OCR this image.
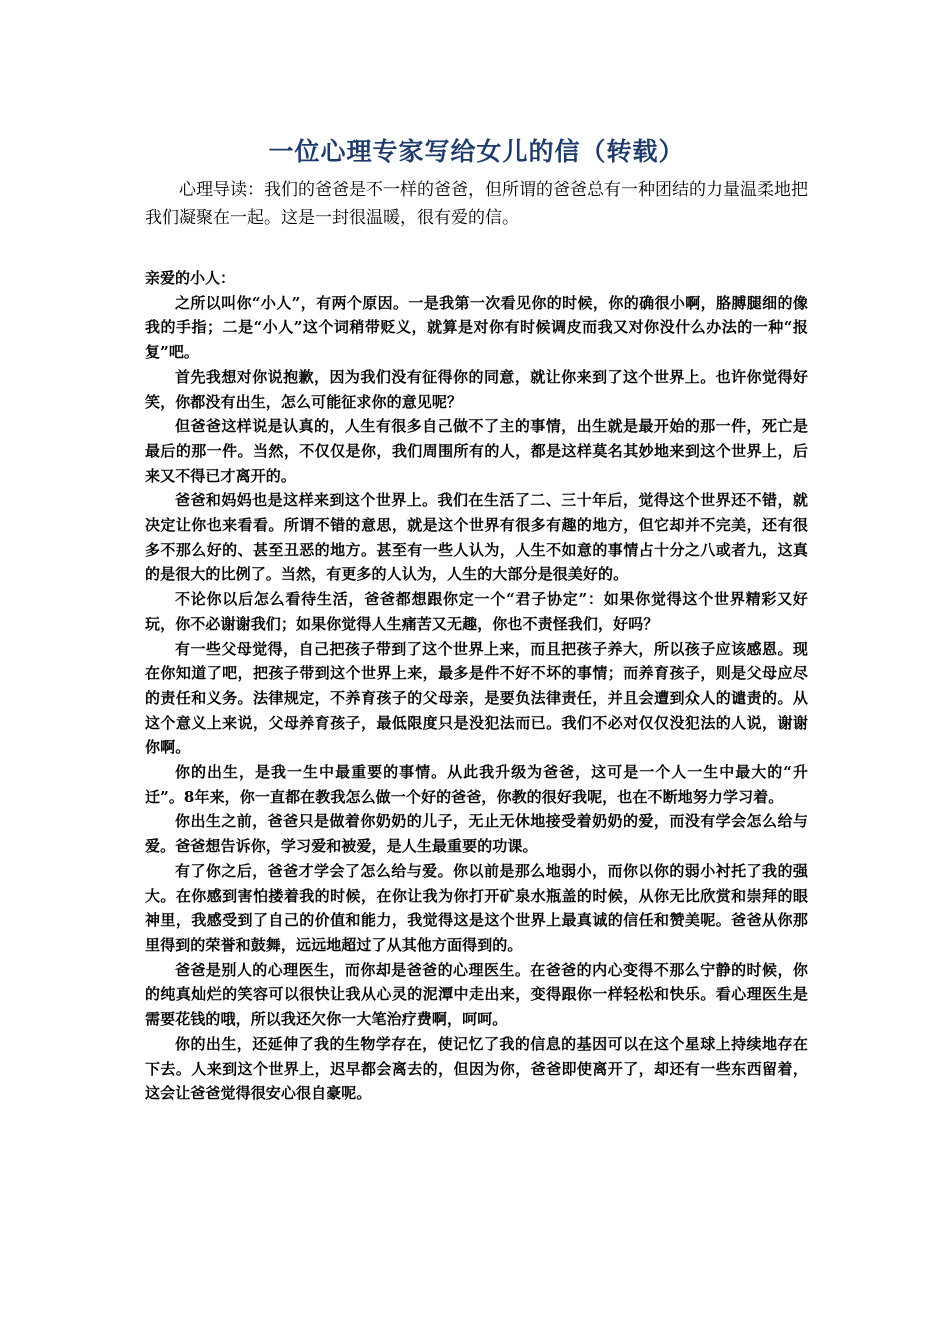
一位心理专家写给女儿的信（转载）

心理导读：我们的爸爸是不一样的爸爸，但所谓的爸爸总有一种团结的力量温柔地把我们凝聚在一起。这是一封很温暖，很有爱的信。

亲爱的小人：

之所以叫你“小人”，有两个原因。一是我第一次看见你的时候，你的确很小啊，胳膊腿细的像我的手指；二是“小人”这个词稍带贬义，就算是对你有时候调皮而我又对你没什么办法的一种“报复”吧。

首先我想对你说抱歉，因为我们没有征得你的同意，就让你来到了这个世界上。也许你觉得好笑，你都没有出生，怎么可能征求你的意见呢？

但爸爸这样说是认真的，人生有很多自己做不了主的事情，出生就是最开始的那一件，死亡是最后的那一件。当然，不仅仅是你，我们周围所有的人，都是这样莫名其妙地来到这个世界上，后来又不得已才离开的。

爸爸和妈妈也是这样来到这个世界上。我们在生活了二、三十年后，觉得这个世界还不错，就决定让你也来看看。所谓不错的意思，就是这个世界有很多有趣的地方，但它却并不完美，还有很多不那么好的、甚至丑恶的地方。甚至有一些人认为，人生不如意的事情占十分之八或者九，这真的是很大的比例了。当然，有更多的人认为，人生的大部分是很美好的。

不论你以后怎么看待生活，爸爸都想跟你定一个“君子协定”：如果你觉得这个世界精彩又好玩，你不必谢谢我们；如果你觉得人生痛苦又无趣，你也不责怪我们，好吗？

有一些父母觉得，自己把孩子带到了这个世界上来，而且把孩子养大，所以孩子应该感恩。现在你知道了吧，把孩子带到这个世界上来，最多是件不好不坏的事情；而养育孩子，则是父母应尽的责任和义务。法律规定，不养育孩子的父母亲，是要负法律责任，并且会遭到众人的谴责的。从这个意义上来说，父母养育孩子，最低限度只是没犯法而已。我们不必对仅仅没犯法的人说，谢谢你啊。

你的出生，是我一生中最重要的事情。从此我升级为爸爸，这可是一个人一生中最大的“升迁”。8年来，你一直都在教我怎么做一个好的爸爸，你教的很好我呢，也在不断地努力学习着。

你出生之前，爸爸只是做着你奶奶的儿子，无止无休地接受着奶奶的爱，而没有学会怎么给与爱。爸爸想告诉你，学习爱和被爱，是人生最重要的功课。

有了你之后，爸爸才学会了怎么给与爱。你以前是那么地弱小，而你以你的弱小衬托了我的强大。在你感到害怕搂着我的时候，在你让我为你打开矿泉水瓶盖的时候，从你无比欣赏和崇拜的眼神里，我感受到了自己的价值和能力，我觉得这是这个世界上最真诚的信任和赞美呢。爸爸从你那里得到的荣誉和鼓舞，远远地超过了从其他方面得到的。

爸爸是别人的心理医生，而你却是爸爸的心理医生。在爸爸的内心变得不那么宁静的时候，你的纯真灿烂的笑容可以很快让我从心灵的泥潭中走出来，变得跟你一样轻松和快乐。看心理医生是需要花钱的哦，所以我还欠你一大笔治疗费啊，呵呵。

你的出生，还延伸了我的生物学存在，使记忆了我的信息的基因可以在这个星球上持续地存在下去。人来到这个世界上，迟早都会离去的，但因为你，爸爸即使离开了，却还有一些东西留着，这会让爸爸觉得很安心很自豪呢。
